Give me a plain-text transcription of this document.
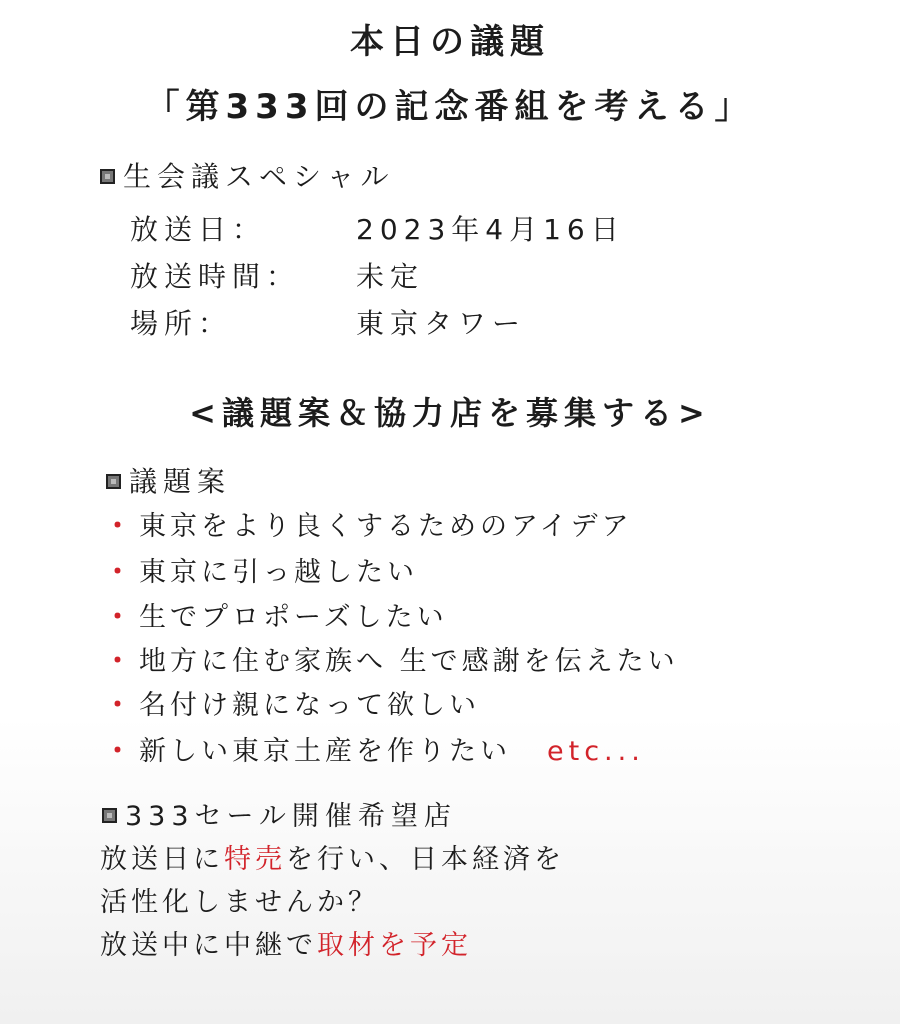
本日の議題
「第333回の記念番組を考える」
生会議スペシャル
放送日：	2023年4月16日
放送時間： 未定
場所：	東京タワー
<議題案＆協力店を募集する>
議題案
・ 東京をより良くするためのアイデア
・ 東京に引っ越したい
・ 生でプロポーズしたい
・ 地方に住む家族へ 生で感謝を伝えたい
・ 名付け親になって欲しい
・ 新しい東京土産を作りたい etc...
333セール開催希望店
放送日に特売を行い、日本経済を
活性化しませんか？
放送中に中継で取材を予定
